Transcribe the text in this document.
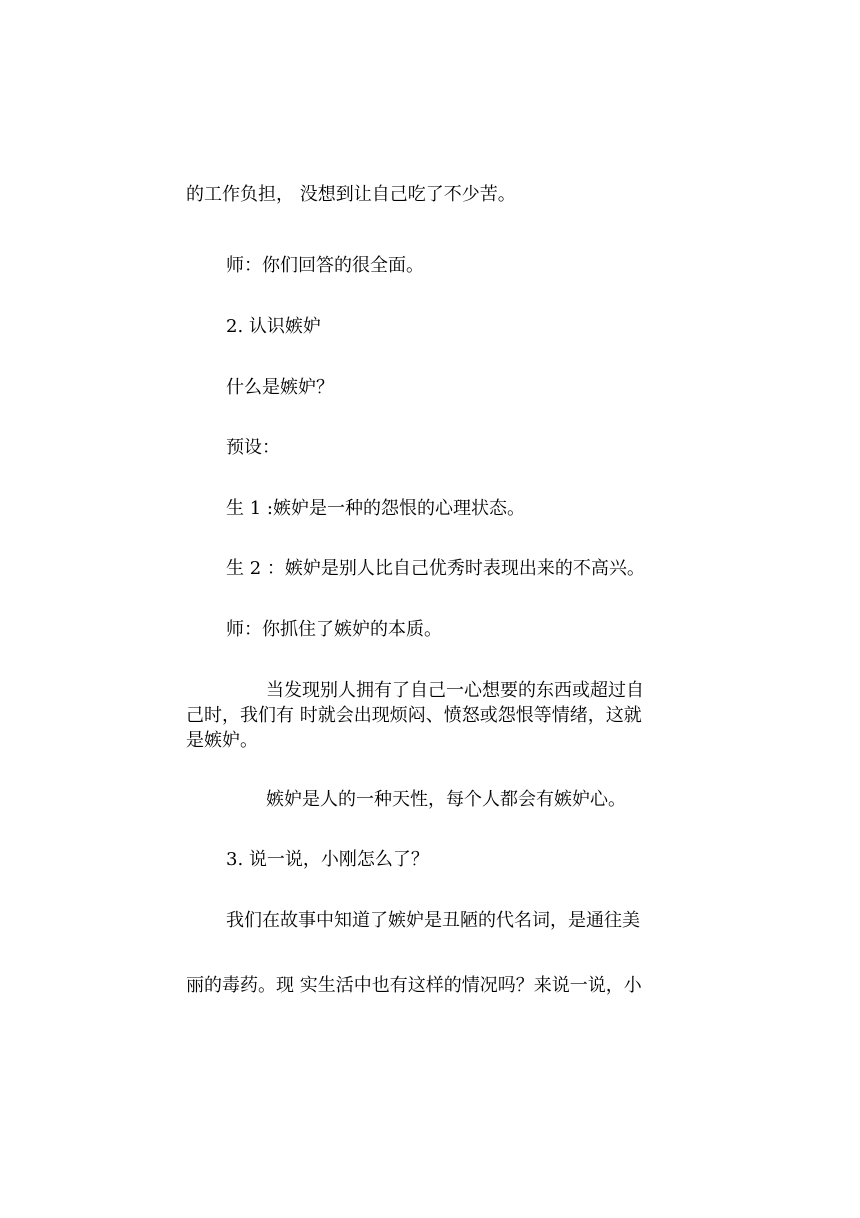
的工作负担， 没想到让自己吃了不少苦。
师：你们回答的很全面。
2. 认识嫉妒
什么是嫉妒？
预设：
生 1 :嫉妒是一种的怨恨的心理状态。
生 2 ：嫉妒是别人比自己优秀时表现出来的不高兴。
师：你抓住了嫉妒的本质。
当发现别人拥有了自己一心想要的东西或超过自
己时，我们有 时就会出现烦闷、愤怒或怨恨等情绪，这就
是嫉妒。
嫉妒是人的一种天性，每个人都会有嫉妒心。
3. 说一说，小刚怎么了？
我们在故事中知道了嫉妒是丑陋的代名词，是通往美
丽的毒药。现 实生活中也有这样的情况吗？来说一说，小
